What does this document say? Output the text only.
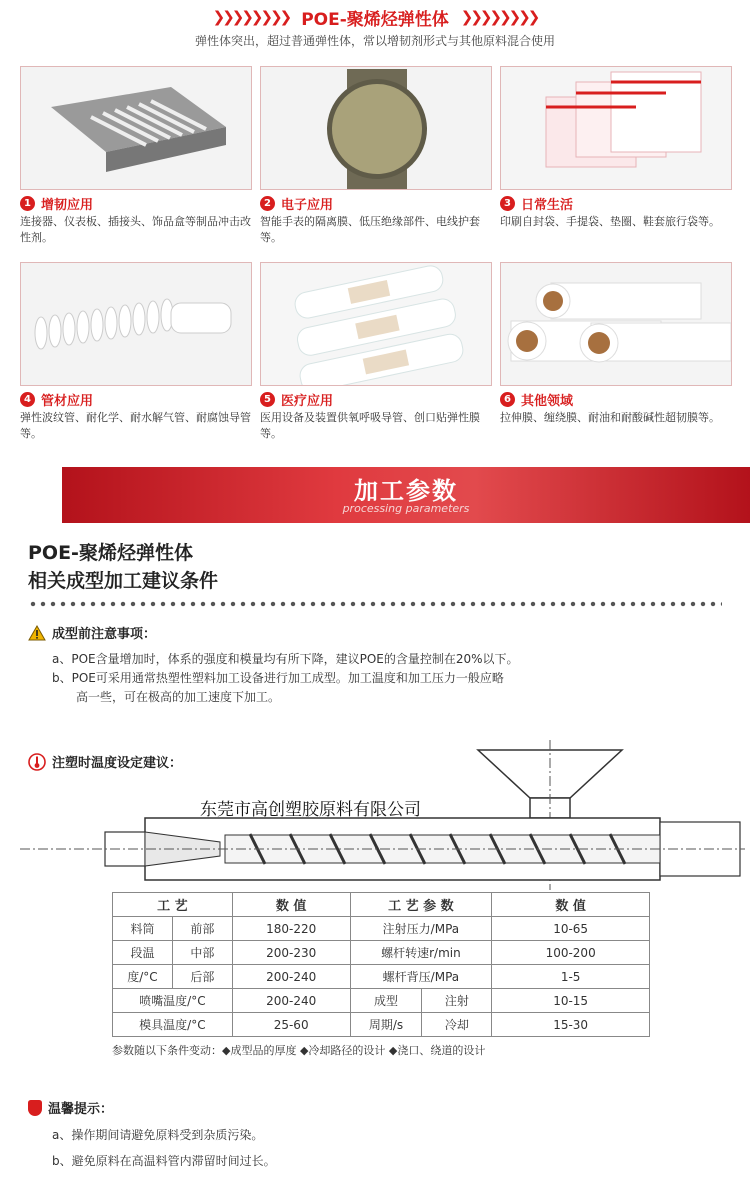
❯❯❯❯❯❯❯❯ POE-聚烯烃弹性体 ❯❯❯❯❯❯❯❯
弹性体突出，超过普通弹性体，常以增韧剂形式与其他原料混合使用
1 增韧应用
连接器、仪表板、插接头、饰品盒等制品冲击改性剂。
2 电子应用
智能手表的隔离膜、低压绝缘部件、电线护套等。
3 日常生活
印刷自封袋、手提袋、垫圈、鞋套旅行袋等。
4 管材应用
弹性波纹管、耐化学、耐水解气管、耐腐蚀导管等。
5 医疗应用
医用设备及装置供氧呼吸导管、创口贴弹性膜等。
6 其他领域
拉伸膜、缠绕膜、耐油和耐酸碱性超韧膜等。
加工参数
processing parameters
POE-聚烯烃弹性体
相关成型加工建议条件
成型前注意事项：
a、POE含量增加时，体系的强度和模量均有所下降，建议POE的含量控制在20%以下。
b、POE可采用通常热塑性塑料加工设备进行加工成型。加工温度和加工压力一般应略
高一些，可在极高的加工速度下加工。
注塑时温度设定建议：
东莞市高创塑胶原料有限公司
工 艺		数 值	工 艺 参 数		数 值
料筒	前部	180-220	注射压力/MPa		10-65
段温	中部	200-230	螺杆转速r/min		100-200
度/°C	后部	200-240	螺杆背压/MPa		1-5
喷嘴温度/°C		200-240	成型	注射	10-15
模具温度/°C		25-60	周期/s	冷却	15-30
参数随以下条件变动：◆成型品的厚度 ◆冷却路径的设计 ◆浇口、绕道的设计
温馨提示：
a、操作期间请避免原料受到杂质污染。
b、避免原料在高温料管内滞留时间过长。
